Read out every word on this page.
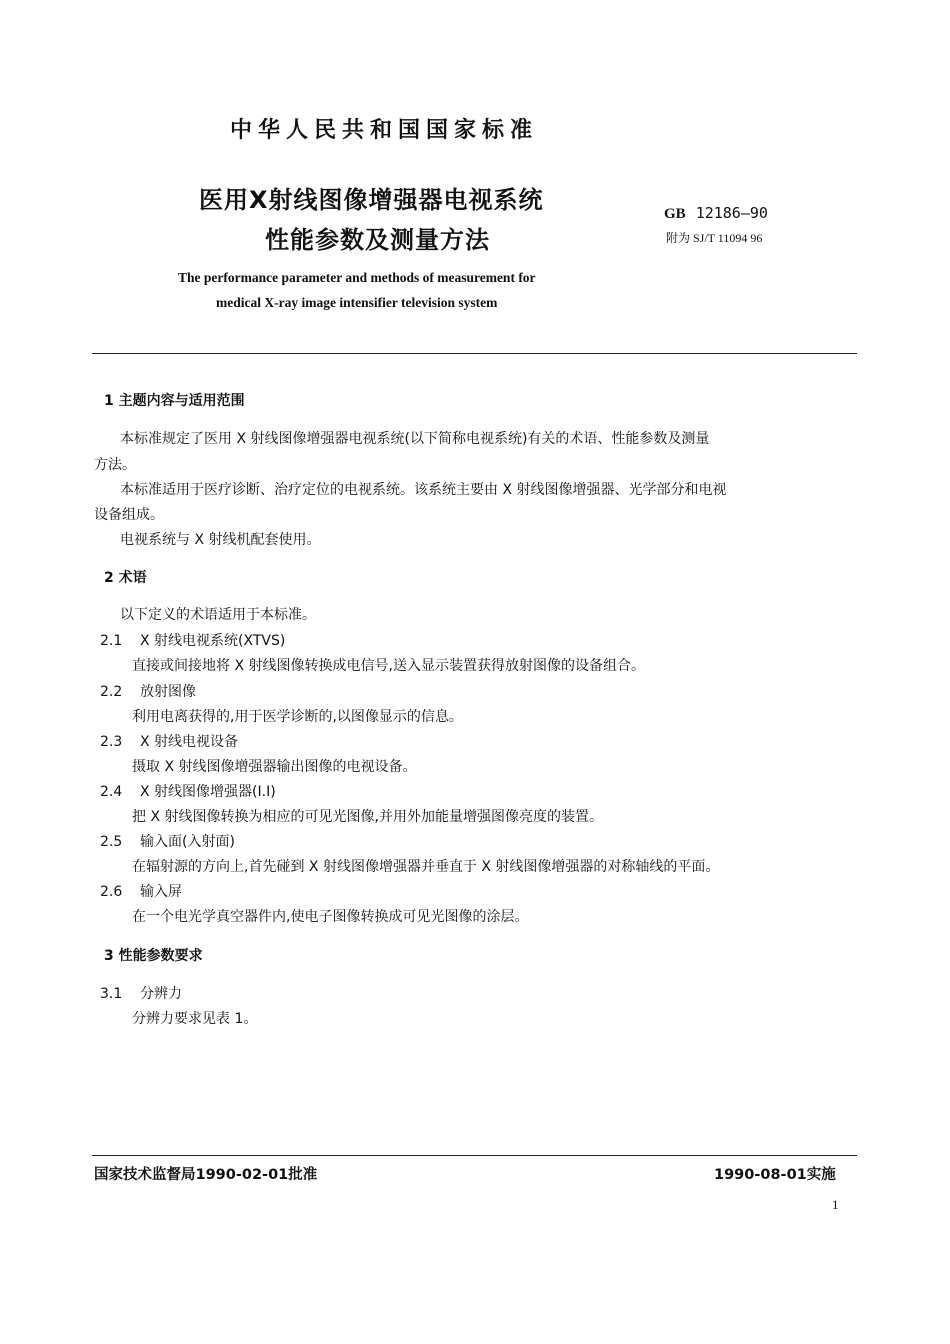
中华人民共和国国家标准
医用X射线图像增强器电视系统
性能参数及测量方法
GB 12186—90
附为 SJ/T 11094 96
The performance parameter and methods of measurement for
medical X-ray image intensifier television system
1 主题内容与适用范围
本标准规定了医用 X 射线图像增强器电视系统(以下简称电视系统)有关的术语、性能参数及测量
方法。
本标准适用于医疗诊断、治疗定位的电视系统。该系统主要由 X 射线图像增强器、光学部分和电视
设备组成。
电视系统与 X 射线机配套使用。
2 术语
以下定义的术语适用于本标准。
2.1 X 射线电视系统(XTVS)
直接或间接地将 X 射线图像转换成电信号,送入显示装置获得放射图像的设备组合。
2.2 放射图像
利用电离获得的,用于医学诊断的,以图像显示的信息。
2.3 X 射线电视设备
摄取 X 射线图像增强器输出图像的电视设备。
2.4 X 射线图像增强器(I.I)
把 X 射线图像转换为相应的可见光图像,并用外加能量增强图像亮度的装置。
2.5 输入面(入射面)
在辐射源的方向上,首先碰到 X 射线图像增强器并垂直于 X 射线图像增强器的对称轴线的平面。
2.6 输入屏
在一个电光学真空器件内,使电子图像转换成可见光图像的涂层。
3 性能参数要求
3.1 分辨力
分辨力要求见表 1。
国家技术监督局1990-02-01批准	1990-08-01实施
1
